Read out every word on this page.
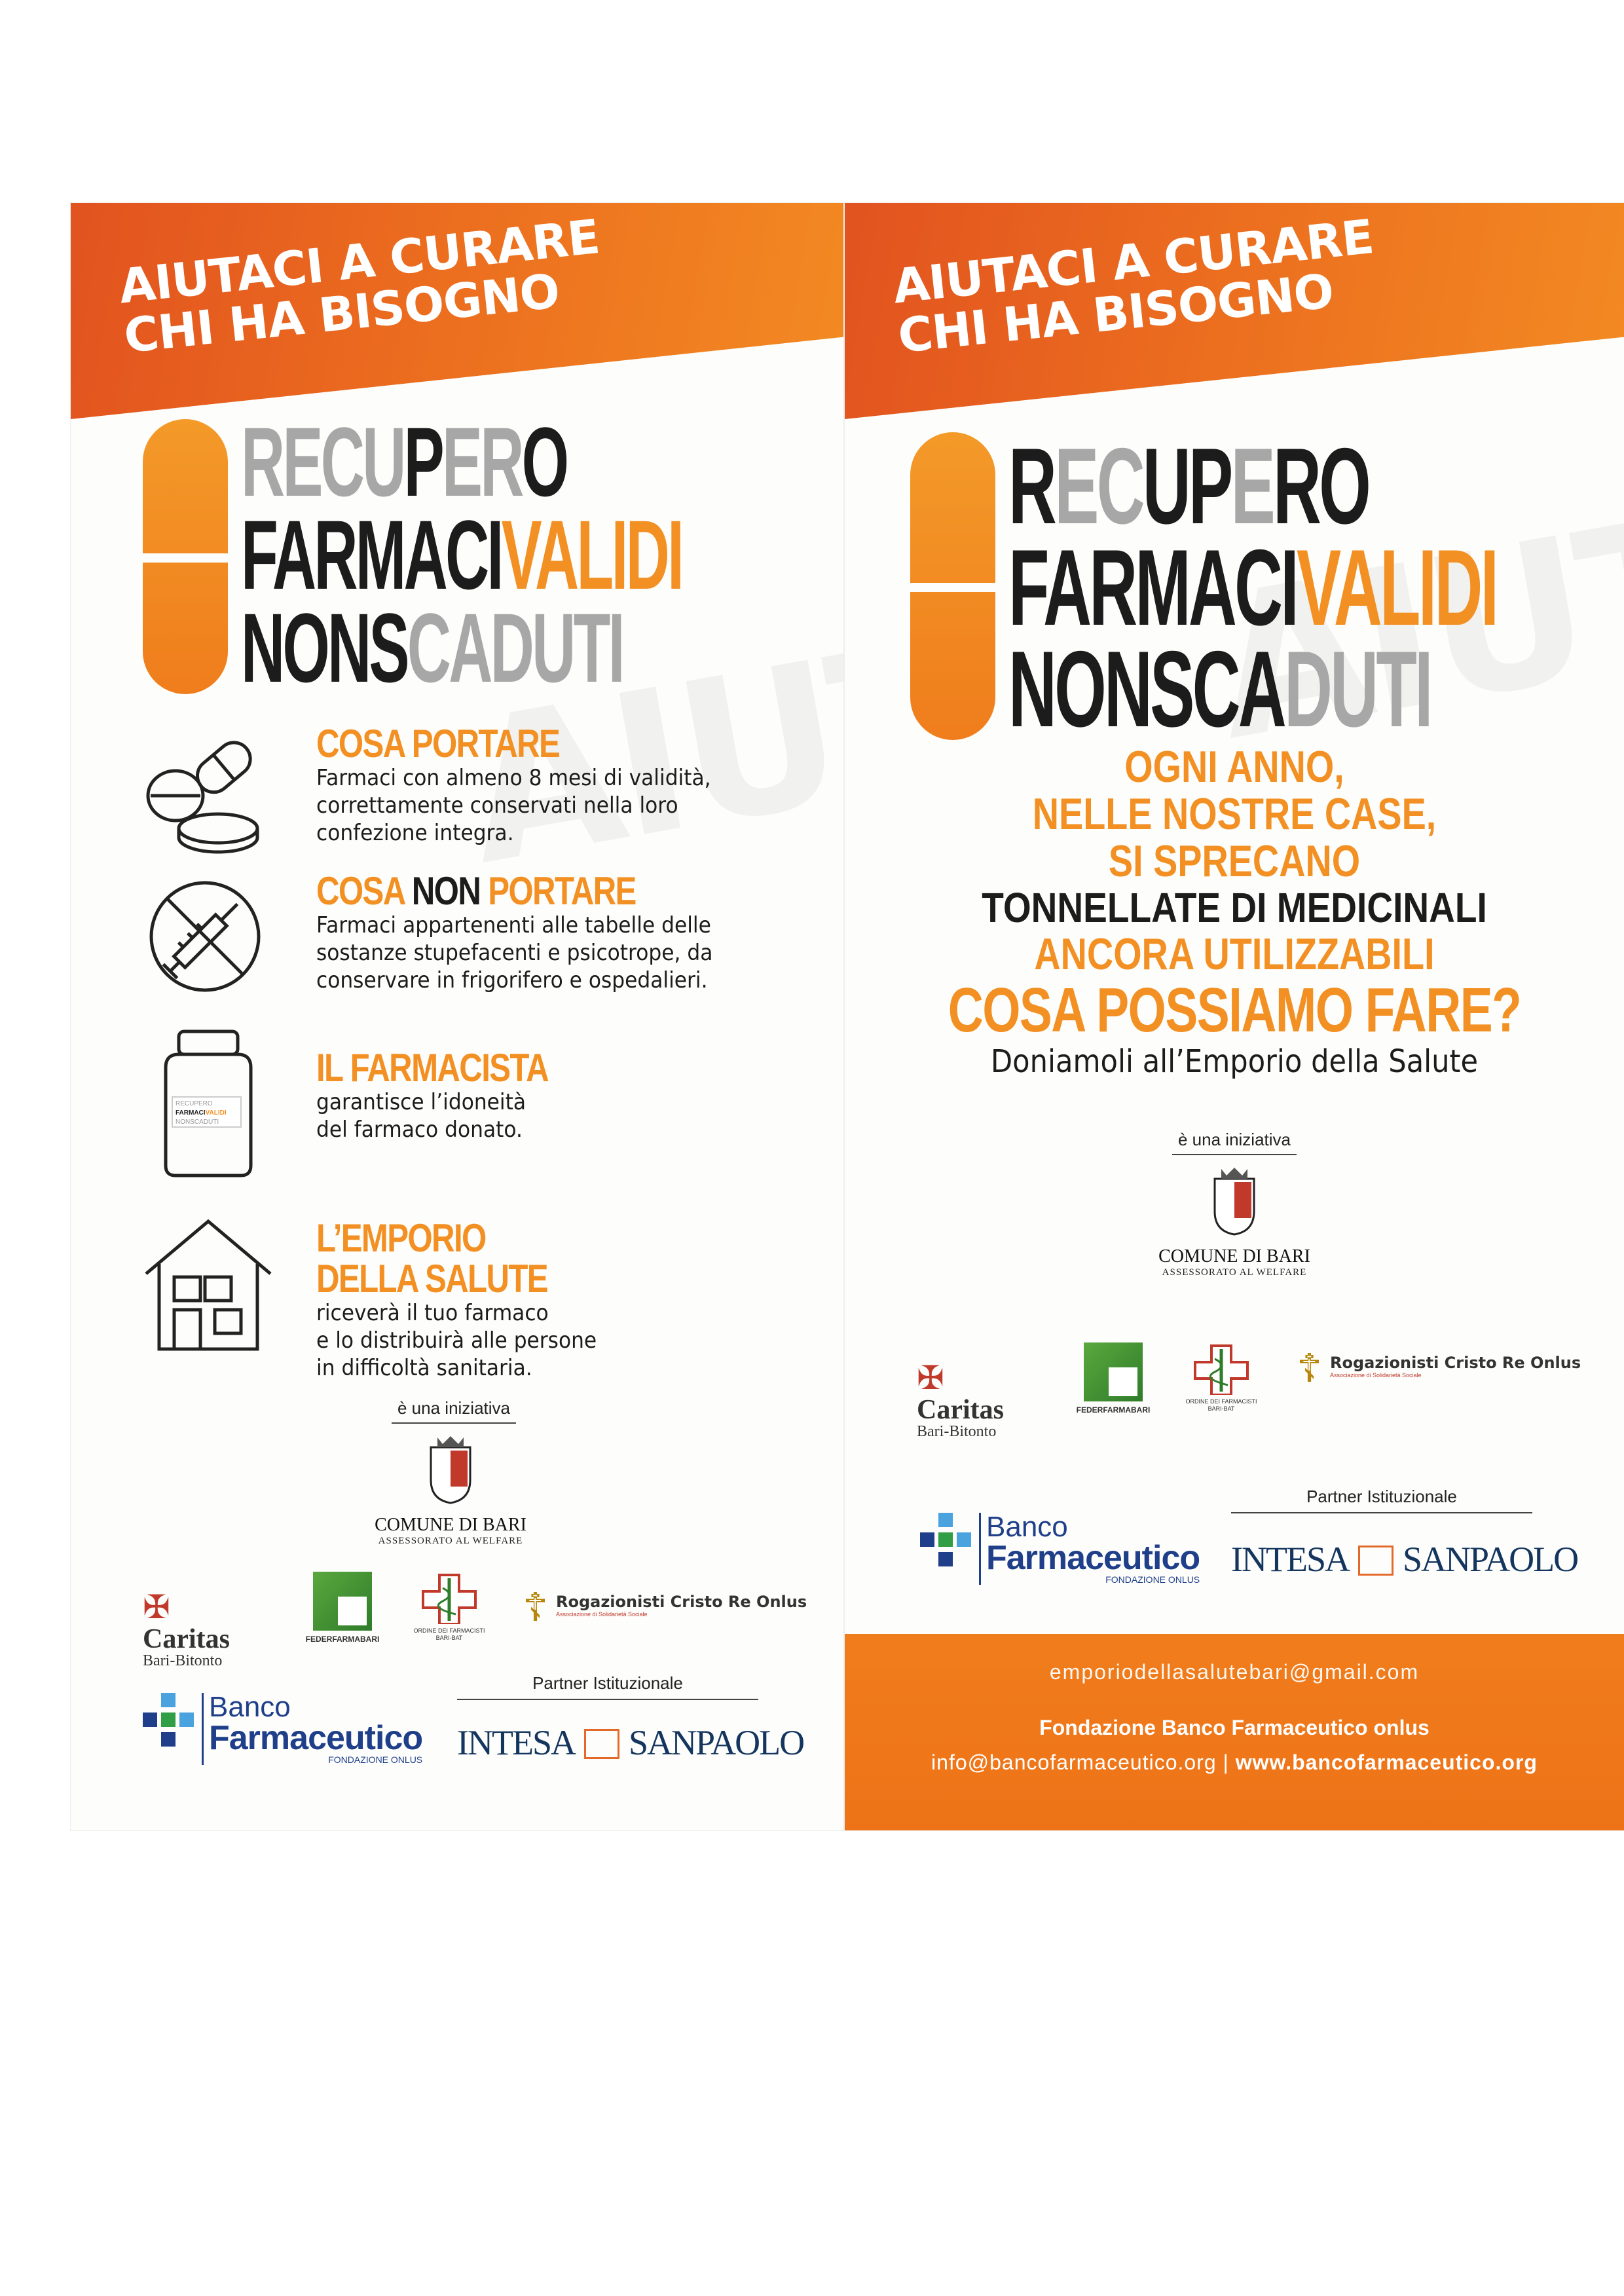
AIUTACI A CURARE
CHI HA BISOGNO
RECUPERO
FARMACIVALIDI
NONSCADUTI
COSA PORTARE
Farmaci con almeno 8 mesi di validità,
correttamente conservati nella loro
confezione integra.
COSA NON PORTARE
Farmaci appartenenti alle tabelle delle
sostanze stupefacenti e psicotrope, da
conservare in frigorifero e ospedalieri.
RECUPERO
FARMACIVALIDI
NONSCADUTI
IL FARMACISTA
garantisce l’idoneità
del farmaco donato.
L’EMPORIO
DELLA SALUTE
riceverà il tuo farmaco
e lo distribuirà alle persone
in difficoltà sanitaria.
è una iniziativa
COMUNE DI BARI
ASSESSORATO AL WELFARE
✠
Caritas
Bari-Bitonto
FEDERFARMABARI
ORDINE DEI FARMACISTI
BARI-BAT
☦ Rogazionisti Cristo Re Onlus
Associazione di Solidarietà Sociale
Partner Istituzionale
Banco
Farmaceutico
FONDAZIONE ONLUS INTESA SANPAOLO
AIUTACI A CURARE
CHI HA BISOGNO
RECUPERO
FARMACIVALIDI
NONSCADUTI
OGNI ANNO,
NELLE NOSTRE CASE,
SI SPRECANO
TONNELLATE DI MEDICINALI
ANCORA UTILIZZABILI
COSA POSSIAMO FARE?
Doniamoli all’Emporio della Salute
è una iniziativa
COMUNE DI BARI
ASSESSORATO AL WELFARE
✠
Caritas
Bari-Bitonto
FEDERFARMABARI
ORDINE DEI FARMACISTI
BARI-BAT
☦ Rogazionisti Cristo Re Onlus
Associazione di Solidarietà Sociale
Partner Istituzionale
Banco
Farmaceutico
FONDAZIONE ONLUS
INTESA SANPAOLO
emporiodellasalutebari@gmail.com
Fondazione Banco Farmaceutico onlus
info@bancofarmaceutico.org | www.bancofarmaceutico.org
